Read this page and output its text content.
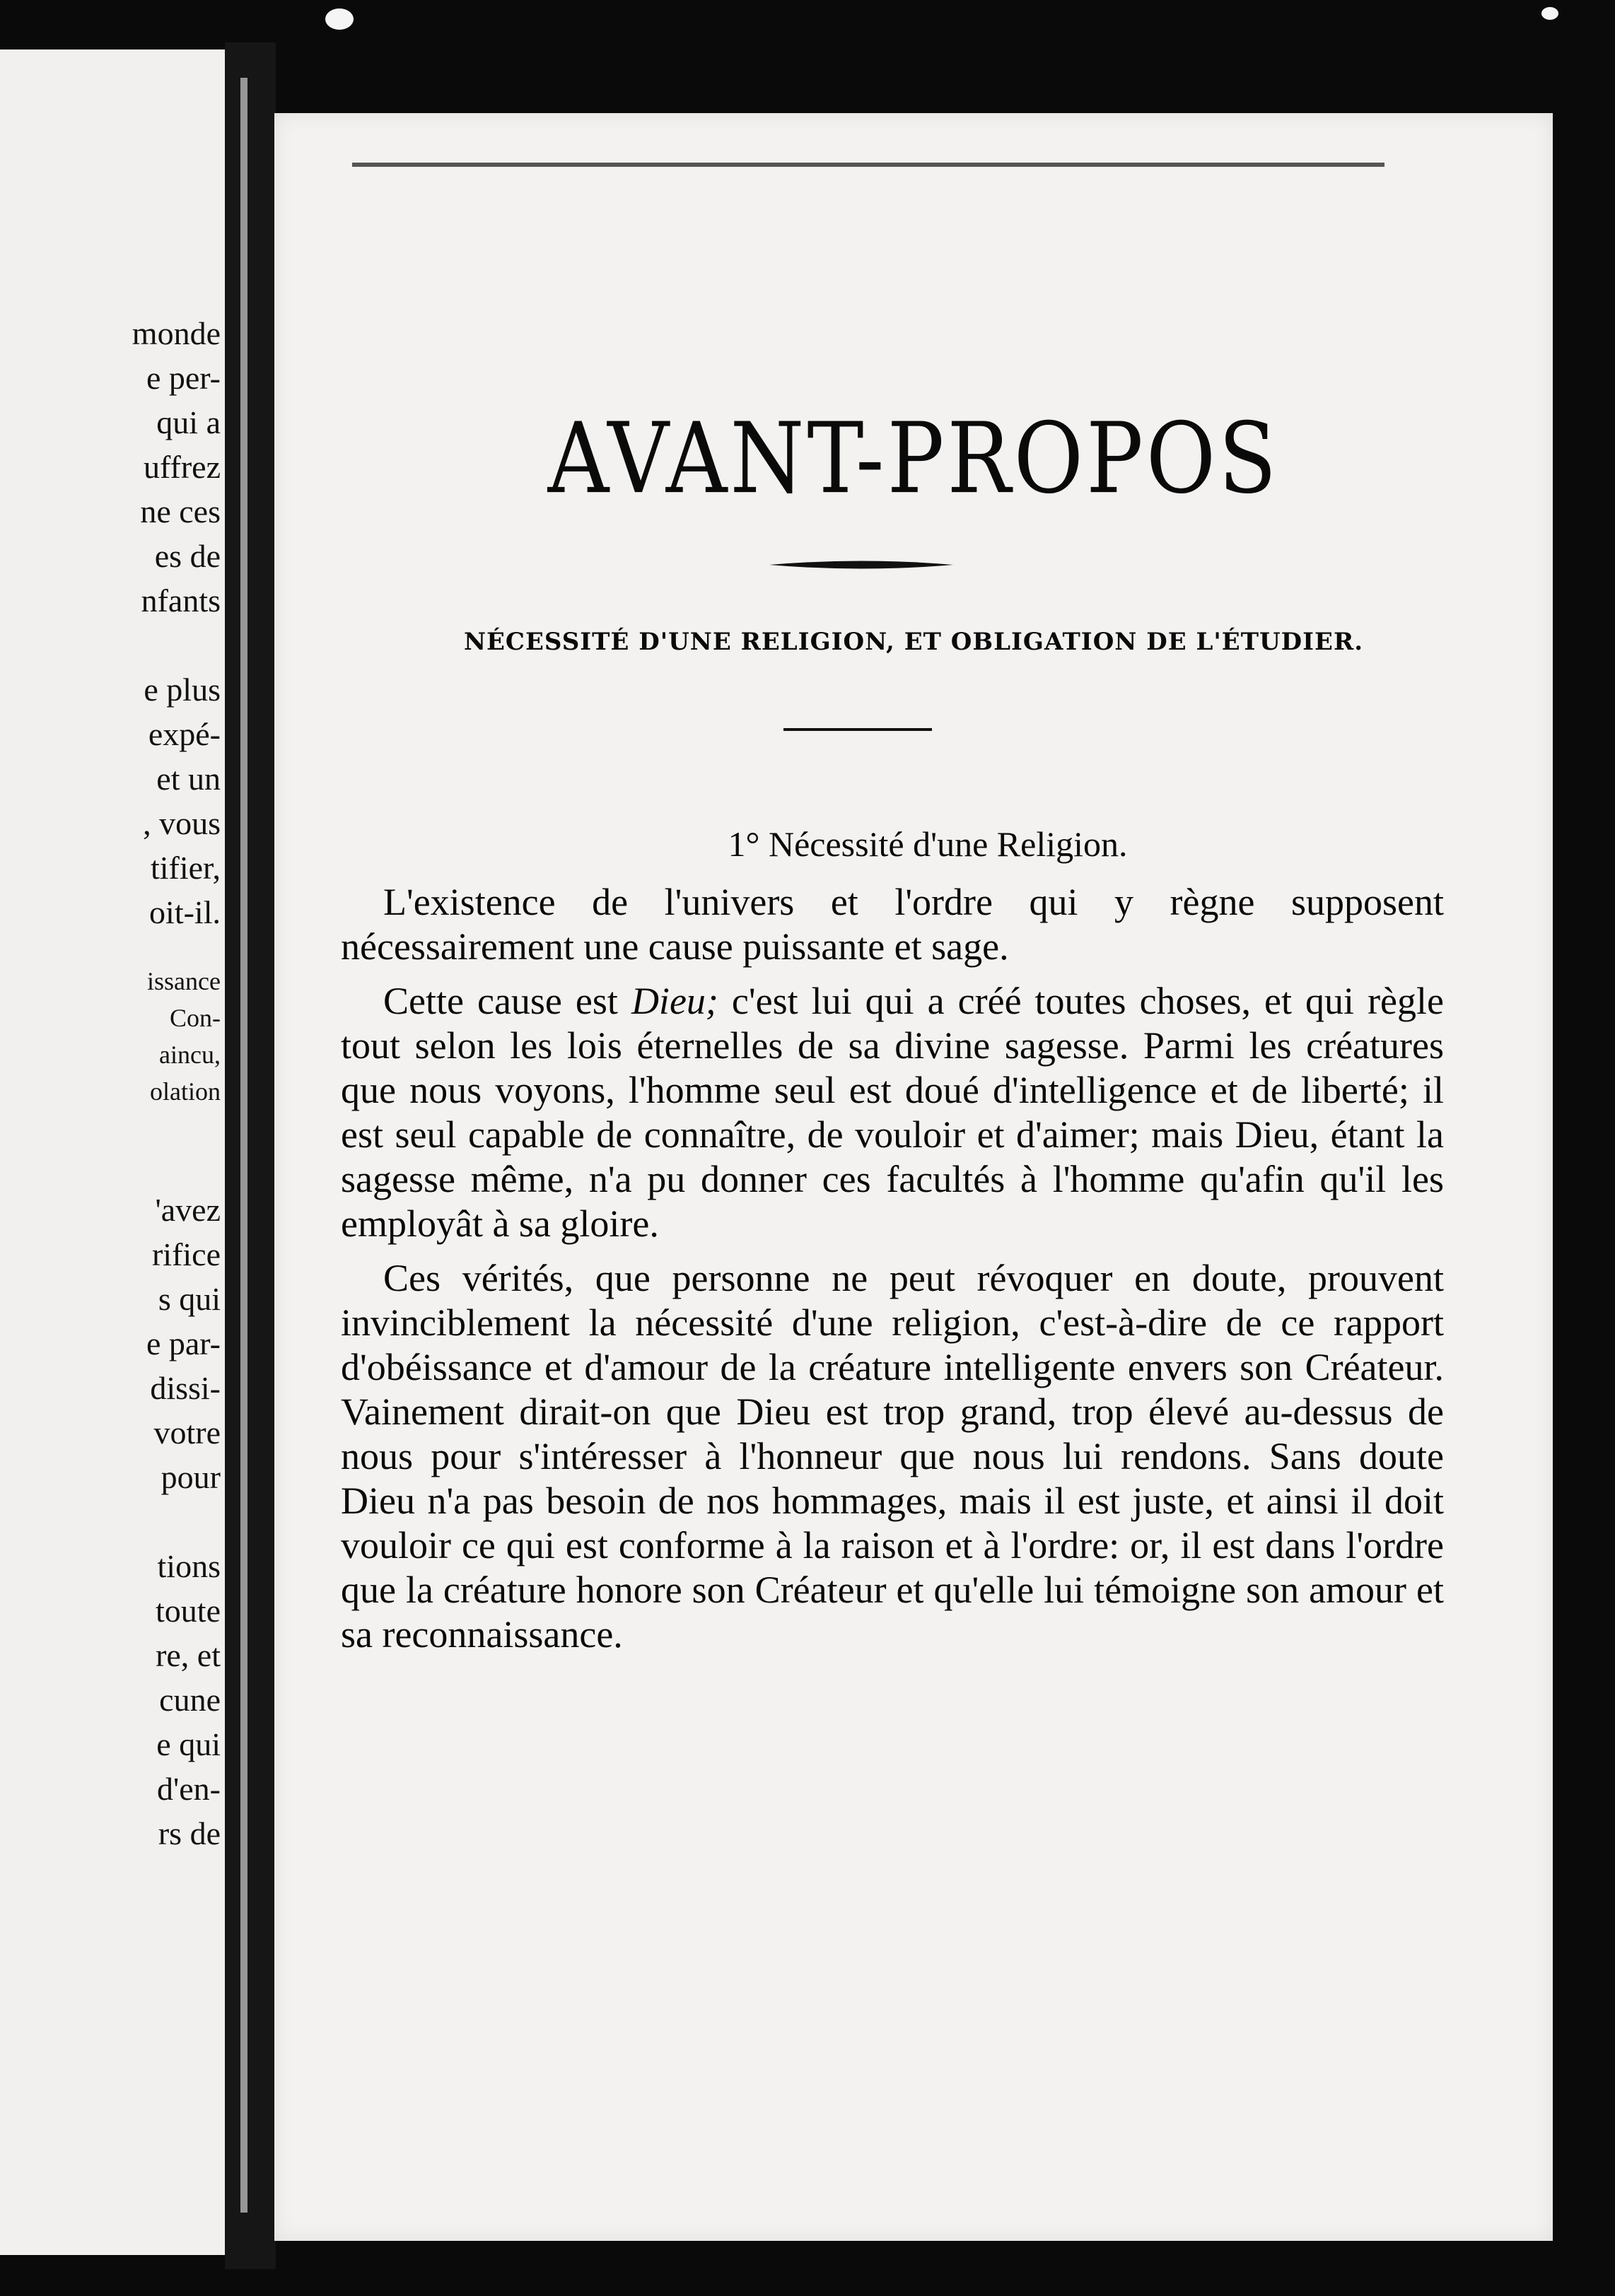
monde
e per-
qui a
uffrez
ne ces
es de
nfants
e plus
expé-
et un
, vous
tifier,
oit-il.
issance
Con-
aincu,
olation
'avez
rifice
s qui
e par-
dissi-
votre
pour
tions
toute
re, et
cune
e qui
d'en-
rs de
AVANT-PROPOS
NÉCESSITÉ D'UNE RELIGION, ET OBLIGATION DE L'ÉTUDIER.
1° Nécessité d'une Religion.

L'existence de l'univers et l'ordre qui y règne supposent nécessairement une cause puissante et sage.

Cette cause est Dieu; c'est lui qui a créé toutes choses, et qui règle tout selon les lois éternelles de sa divine sagesse. Parmi les créatures que nous voyons, l'homme seul est doué d'intelligence et de liberté; il est seul capable de connaître, de vouloir et d'aimer; mais Dieu, étant la sagesse même, n'a pu donner ces facultés à l'homme qu'afin qu'il les employât à sa gloire.

Ces vérités, que personne ne peut révoquer en doute, prouvent invinciblement la nécessité d'une religion, c'est-à-dire de ce rapport d'obéissance et d'amour de la créature intelligente envers son Créateur. Vainement dirait-on que Dieu est trop grand, trop élevé au-dessus de nous pour s'intéresser à l'honneur que nous lui rendons. Sans doute Dieu n'a pas besoin de nos hommages, mais il est juste, et ainsi il doit vouloir ce qui est conforme à la raison et à l'ordre: or, il est dans l'ordre que la créature honore son Créateur et qu'elle lui témoigne son amour et sa reconnaissance.
